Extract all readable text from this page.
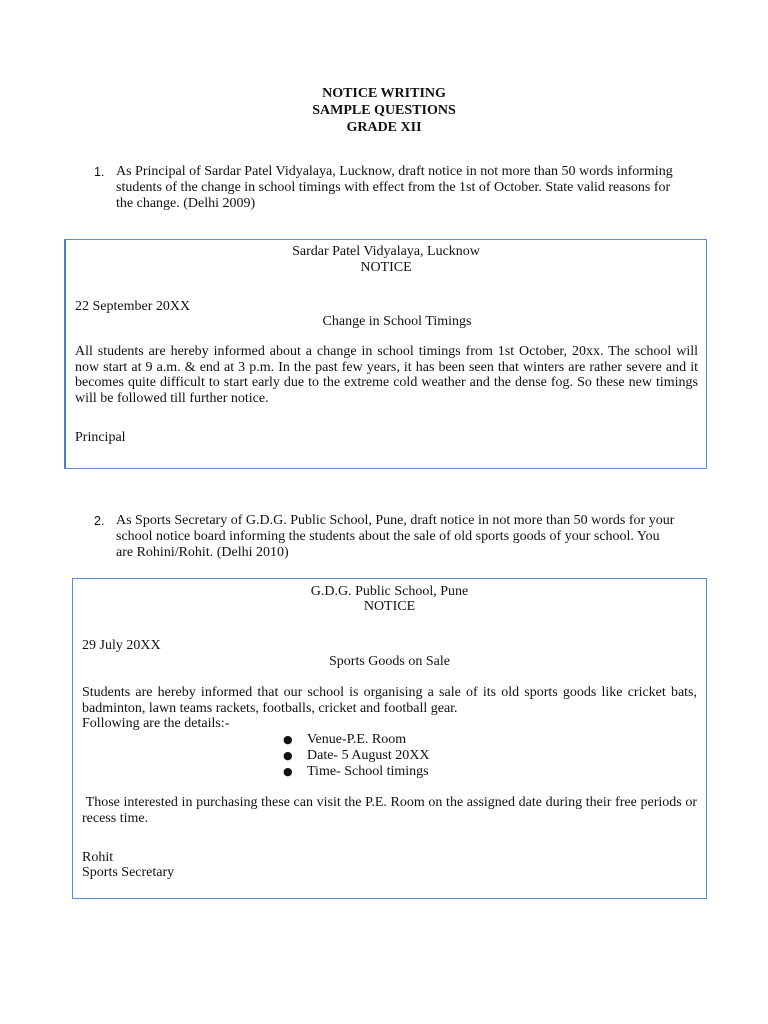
NOTICE WRITING
SAMPLE QUESTIONS
GRADE XII
1. As Principal of Sardar Patel Vidyalaya, Lucknow, draft notice in not more than 50 words informing
students of the change in school timings with effect from the 1st of October. State valid reasons for
the change. (Delhi 2009)
Sardar Patel Vidyalaya, Lucknow
NOTICE
22 September 20XX
Change in School Timings
All students are hereby informed about a change in school timings from 1st October, 20xx. The school will now start at 9 a.m. & end at 3 p.m. In the past few years, it has been seen that winters are rather severe and it becomes quite difficult to start early due to the extreme cold weather and the dense fog. So these new timings will be followed till further notice.
Principal
2. As Sports Secretary of G.D.G. Public School, Pune, draft notice in not more than 50 words for your
school notice board informing the students about the sale of old sports goods of your school. You
are Rohini/Rohit. (Delhi 2010)
G.D.G. Public School, Pune
NOTICE
29 July 20XX
Sports Goods on Sale
Students are hereby informed that our school is organising a sale of its old sports goods like cricket bats, badminton, lawn teams rackets, footballs, cricket and football gear.
Following are the details:-
● Venue-P.E. Room
● Date- 5 August 20XX
● Time- School timings
Those interested in purchasing these can visit the P.E. Room on the assigned date during their free periods or recess time.
Rohit
Sports Secretary
